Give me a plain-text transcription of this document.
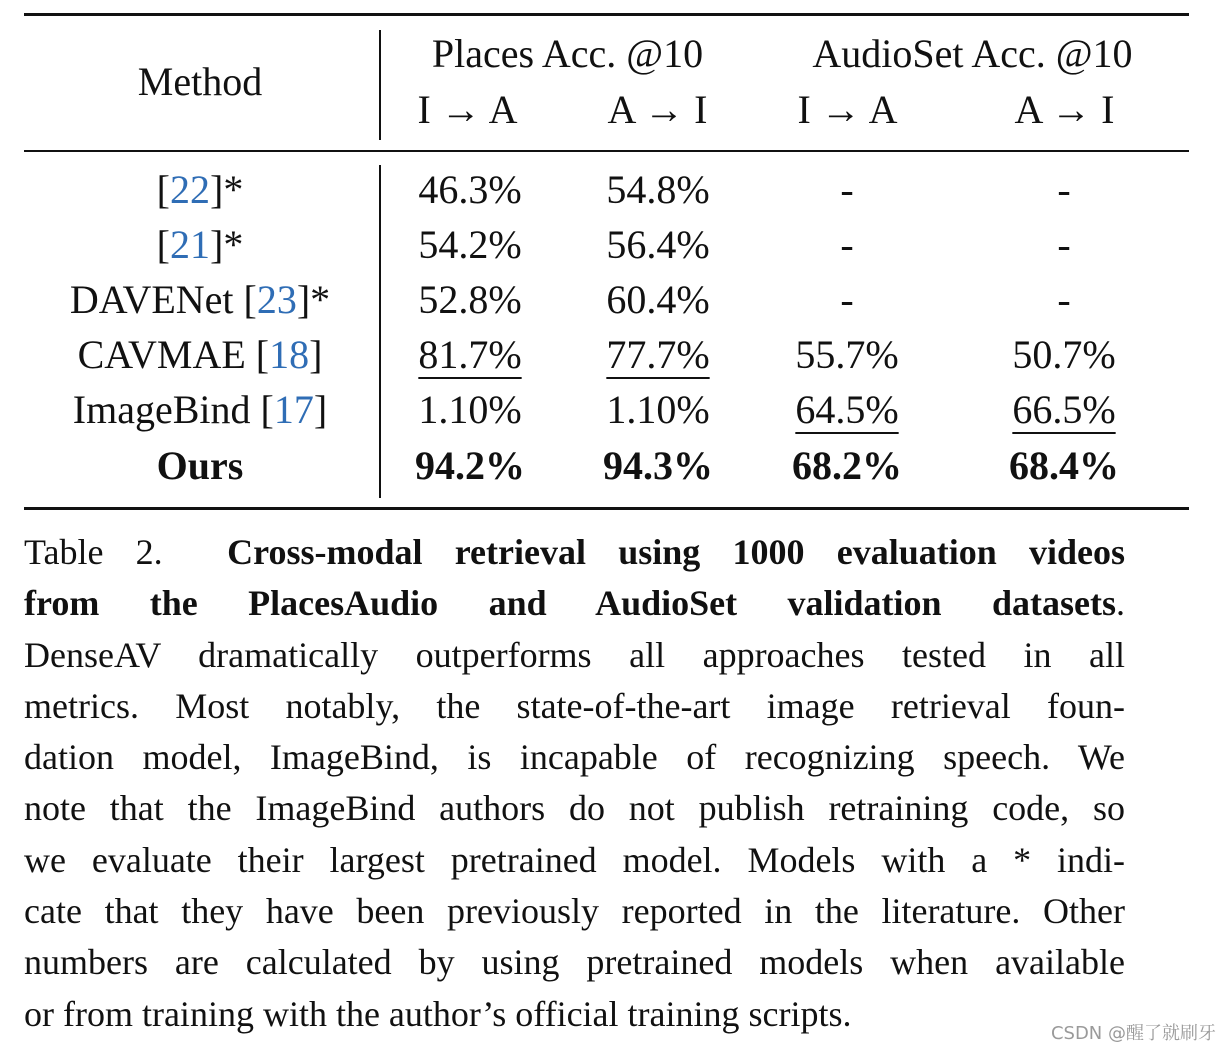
Method
Places Acc. @10	AudioSet Acc. @10
I → A	A → I	I → A	A → I
[22]*	46.3%	54.8%	-	-
[21]*	54.2%	56.4%	-	-
DAVENet [23]*	52.8%	60.4%	-	-
CAVMAE [18]	81.7%	77.7%	55.7%	50.7%
ImageBind [17]	1.10%	1.10%	64.5%	66.5%
Ours	94.2%	94.3%	68.2%	68.4%
Table 2. Cross-modal retrieval using 1000 evaluation videos
from the PlacesAudio and AudioSet validation datasets.
DenseAV dramatically outperforms all approaches tested in all
metrics. Most notably, the state-of-the-art image retrieval foun-
dation model, ImageBind, is incapable of recognizing speech. We
note that the ImageBind authors do not publish retraining code, so
we evaluate their largest pretrained model. Models with a * indi-
cate that they have been previously reported in the literature. Other
numbers are calculated by using pretrained models when available
or from training with the author’s official training scripts.	CSDN @醒了就刷牙
